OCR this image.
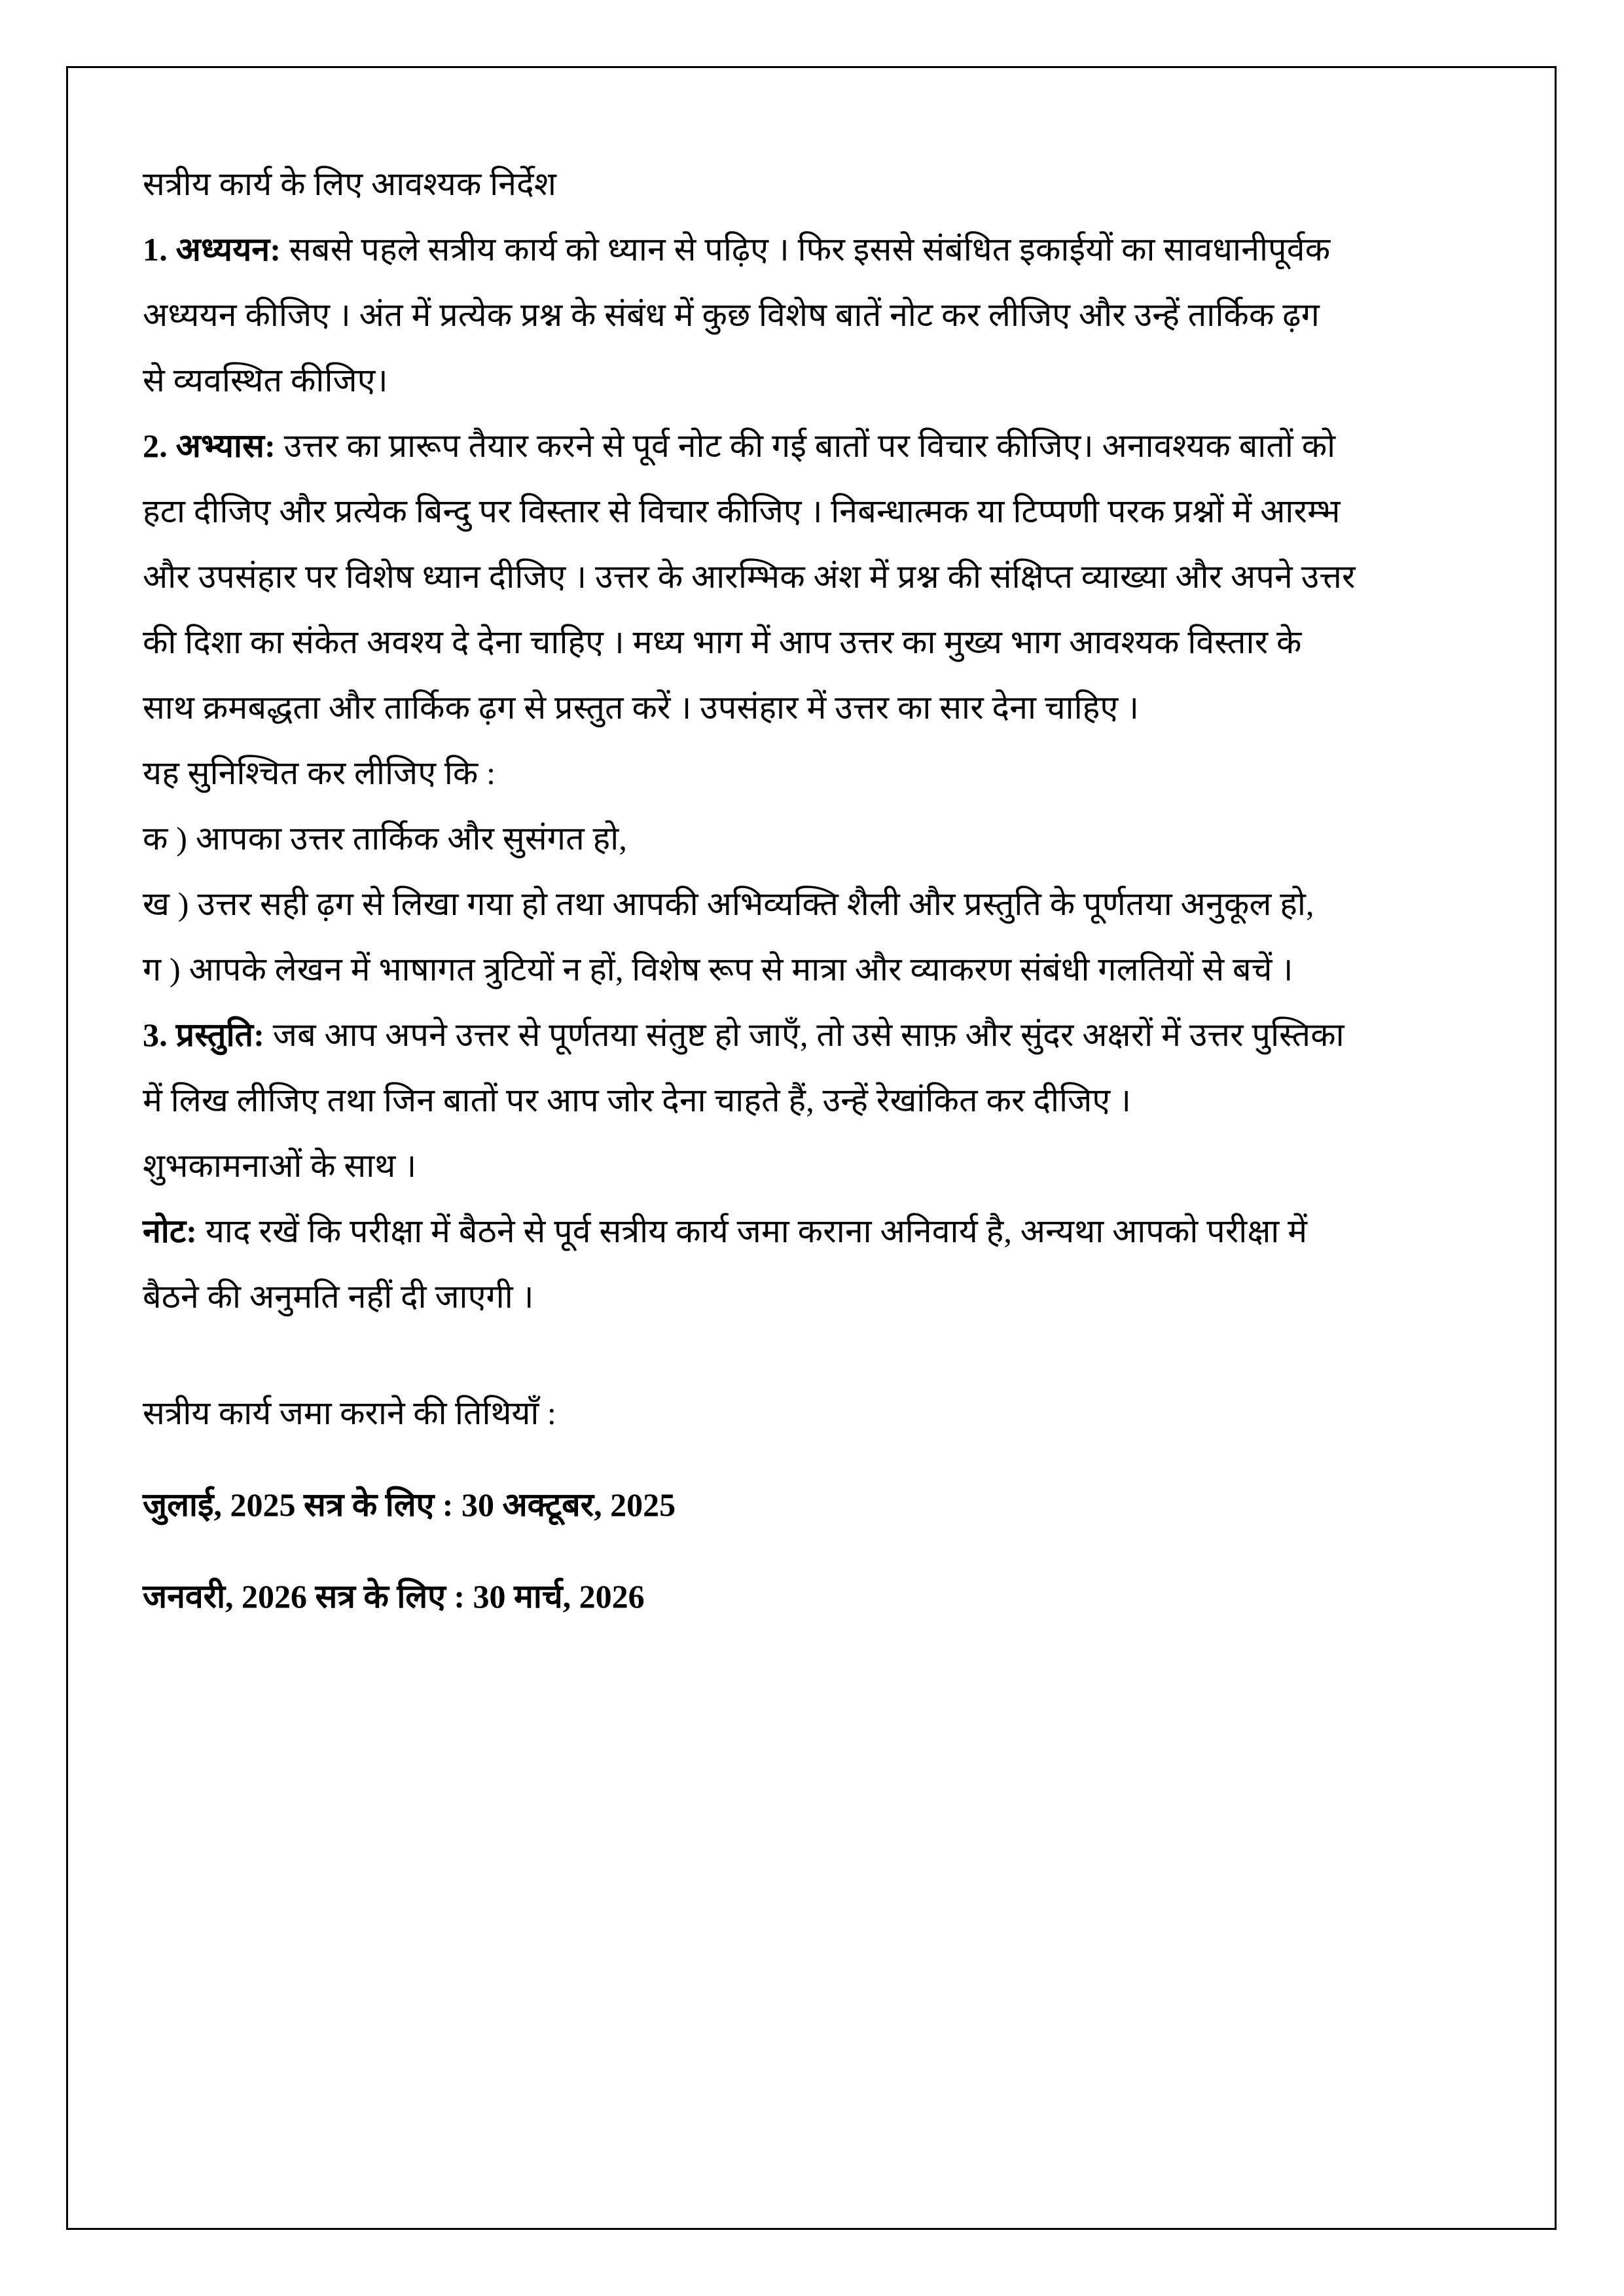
सत्रीय कार्य के लिए आवश्यक निर्देश
1. अध्ययन: सबसे पहले सत्रीय कार्य को ध्यान से पढ़िए । फिर इससे संबंधित इकाईयों का सावधानीपूर्वक
अध्ययन कीजिए । अंत में प्रत्येक प्रश्न के संबंध में कुछ विशेष बातें नोट कर लीजिए और उन्हें तार्किक ढ़ग
से व्यवस्थित कीजिए।
2. अभ्यास: उत्तर का प्रारूप तैयार करने से पूर्व नोट की गई बातों पर विचार कीजिए। अनावश्यक बातों को
हटा दीजिए और प्रत्येक बिन्दु पर विस्तार से विचार कीजिए । निबन्धात्मक या टिप्पणी परक प्रश्नों में आरम्भ
और उपसंहार पर विशेष ध्यान दीजिए । उत्तर के आरम्भिक अंश में प्रश्न की संक्षिप्त व्याख्या और अपने उत्तर
की दिशा का संकेत अवश्य दे देना चाहिए । मध्य भाग में आप उत्तर का मुख्य भाग आवश्यक विस्तार के
साथ क्रमबद्धता और तार्किक ढ़ग से प्रस्तुत करें । उपसंहार में उत्तर का सार देना चाहिए ।
यह सुनिश्चित कर लीजिए कि :
क ) आपका उत्तर तार्किक और सुसंगत हो,
ख ) उत्तर सही ढ़ग से लिखा गया हो तथा आपकी अभिव्यक्ति शैली और प्रस्तुति के पूर्णतया अनुकूल हो,
ग ) आपके लेखन में भाषागत त्रुटियों न हों, विशेष रूप से मात्रा और व्याकरण संबंधी गलतियों से बचें ।
3. प्रस्तुति: जब आप अपने उत्तर से पूर्णतया संतुष्ट हो जाएँ, तो उसे साफ़ और सुंदर अक्षरों में उत्तर पुस्तिका
में लिख लीजिए तथा जिन बातों पर आप जोर देना चाहते हैं, उन्हें रेखांकित कर दीजिए ।
शुभकामनाओं के साथ ।
नोट: याद रखें कि परीक्षा में बैठने से पूर्व सत्रीय कार्य जमा कराना अनिवार्य है, अन्यथा आपको परीक्षा में
बैठने की अनुमति नहीं दी जाएगी ।
सत्रीय कार्य जमा कराने की तिथियाँ :
जुलाई, 2025 सत्र के लिए : 30 अक्टूबर, 2025
जनवरी, 2026 सत्र के लिए : 30 मार्च, 2026
